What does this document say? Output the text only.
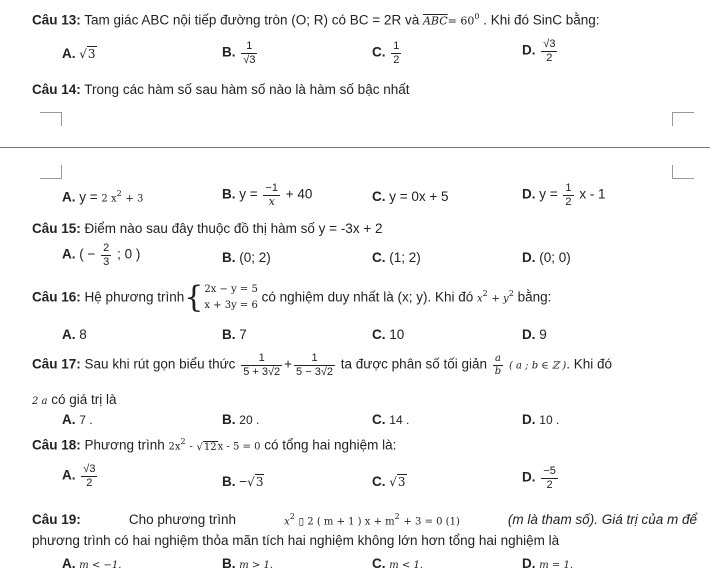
Câu 13: Tam giác ABC nội tiếp đường tròn (O; R) có BC = 2R và $\overline{ABC}= 60^0$ . Khi đó SinC bằng:
A. √3	B. $\frac{1}{√3}$	C. $\frac{1}{2}$	D. $\frac{√3}{2}$
Câu 14: Trong các hàm số sau hàm số nào là hàm số bậc nhất
A. y = 2 $x^2 + 3$	B. $y = \frac{-1}{x} + 40$	C. y = 0x + 5	D. $y = \frac{1}{2}$ x - 1
Câu 15: Điểm nào sau đây thuộc đồ thị hàm số y = -3x + 2
A. ( − $\frac{2}{3}$ ; 0 )	B. (0; 2)	C. (1; 2)	D. (0; 0)
Câu 16: Hệ phương trình{ 2x − y = 5
x + 3y = 6
có nghiệm duy nhất là (x; y). Khi đó $x^2 + y^2$ bằng:
A. 8	B. 7	C. 10	D. 9
Câu 17: Sau khi rút gọn biểu thức $\frac{1}{5 + 3√2} + \frac{1}{5 - 3√2}$ ta được phân số tối giản $\frac{a}{b}$ ( a ; b ∈ ℤ ). Khi đó
2 a có giá trị là
A. 7 .	B. 20 .	C. 14 .	D. 10 .
Câu 18: Phương trình $2x^2 - √12x - 5 = 0$ có tổng hai nghiệm là:
A. $\frac{√3}{2}$	B. −√3	C. √3	D. $\frac{-5}{2}$
Câu 19:	Cho phương trình	$x^2$ ▯ 2 ( m + 1 ) $x + m^2 + 3 = 0$ (1)	(m là tham số). Giá trị của m để
phương trình có hai nghiệm thỏa mãn tích hai nghiệm không lớn hơn tổng hai nghiệm là
A. m < −1.	B. m > 1.	C. m < 1.	D. m = 1.
